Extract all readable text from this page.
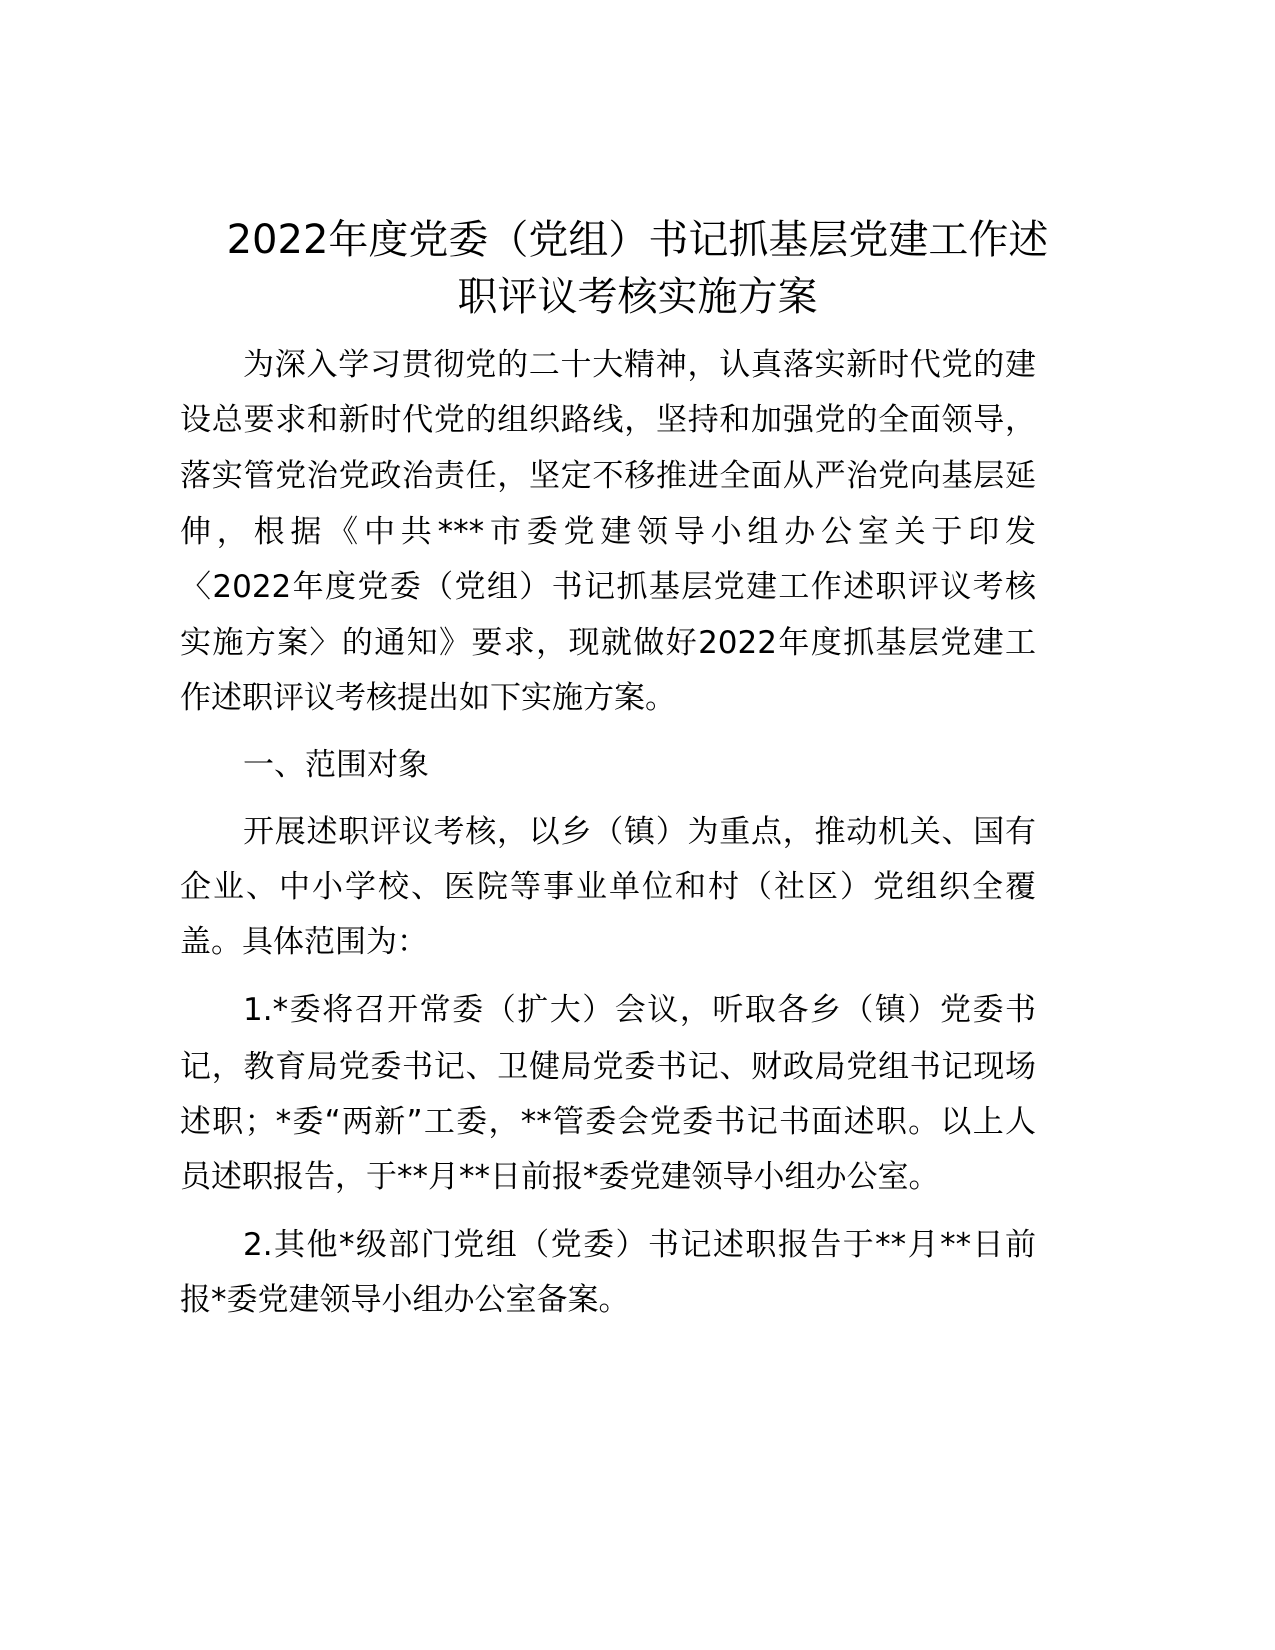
2022年度党委（党组）书记抓基层党建工作述
职评议考核实施方案
为深入学习贯彻党的二十大精神，认真落实新时代党的建
设总要求和新时代党的组织路线，坚持和加强党的全面领导，
落实管党治党政治责任，坚定不移推进全面从严治党向基层延
伸，根据《中共***市委党建领导小组办公室关于印发
〈2022年度党委（党组）书记抓基层党建工作述职评议考核
实施方案〉的通知》要求，现就做好2022年度抓基层党建工
作述职评议考核提出如下实施方案。
一、范围对象
开展述职评议考核，以乡（镇）为重点，推动机关、国有
企业、中小学校、医院等事业单位和村（社区）党组织全覆
盖。具体范围为：
1.*委将召开常委（扩大）会议，听取各乡（镇）党委书
记，教育局党委书记、卫健局党委书记、财政局党组书记现场
述职；*委“两新”工委，**管委会党委书记书面述职。以上人
员述职报告，于**月**日前报*委党建领导小组办公室。
2.其他*级部门党组（党委）书记述职报告于**月**日前
报*委党建领导小组办公室备案。
